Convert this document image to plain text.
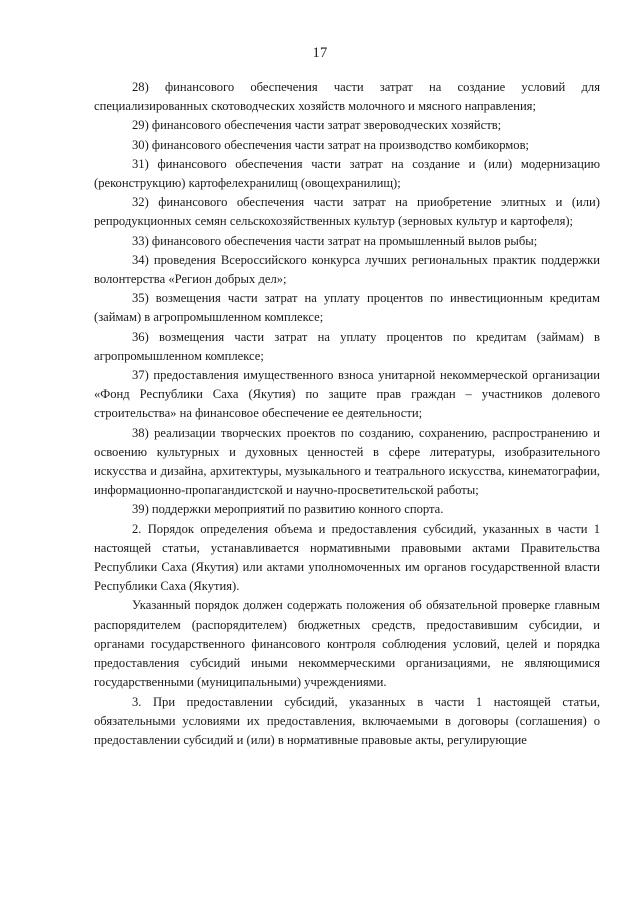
17

28) финансового обеспечения части затрат на создание условий для специализированных скотоводческих хозяйств молочного и мясного направления;

29) финансового обеспечения части затрат звероводческих хозяйств;

30) финансового обеспечения части затрат на производство комбикормов;

31) финансового обеспечения части затрат на создание и (или) модернизацию (реконструкцию) картофелехранилищ (овощехранилищ);

32) финансового обеспечения части затрат на приобретение элитных и (или) репродукционных семян сельскохозяйственных культур (зерновых культур и картофеля);

33) финансового обеспечения части затрат на промышленный вылов рыбы;

34) проведения Всероссийского конкурса лучших региональных практик поддержки волонтерства «Регион добрых дел»;

35) возмещения части затрат на уплату процентов по инвестиционным кредитам (займам) в агропромышленном комплексе;

36) возмещения части затрат на уплату процентов по кредитам (займам) в агропромышленном комплексе;

37) предоставления имущественного взноса унитарной некоммерческой организации «Фонд Республики Саха (Якутия) по защите прав граждан – участников долевого строительства» на финансовое обеспечение ее деятельности;

38) реализации творческих проектов по созданию, сохранению, распространению и освоению культурных и духовных ценностей в сфере литературы, изобразительного искусства и дизайна, архитектуры, музыкального и театрального искусства, кинематографии, информационно-пропагандистской и научно-просветительской работы;

39) поддержки мероприятий по развитию конного спорта.

2. Порядок определения объема и предоставления субсидий, указанных в части 1 настоящей статьи, устанавливается нормативными правовыми актами Правительства Республики Саха (Якутия) или актами уполномоченных им органов государственной власти Республики Саха (Якутия).

Указанный порядок должен содержать положения об обязательной проверке главным распорядителем (распорядителем) бюджетных средств, предоставившим субсидии, и органами государственного финансового контроля соблюдения условий, целей и порядка предоставления субсидий иными некоммерческими организациями, не являющимися государственными (муниципальными) учреждениями.

3. При предоставлении субсидий, указанных в части 1 настоящей статьи, обязательными условиями их предоставления, включаемыми в договоры (соглашения) о предоставлении субсидий и (или) в нормативные правовые акты, регулирующие
